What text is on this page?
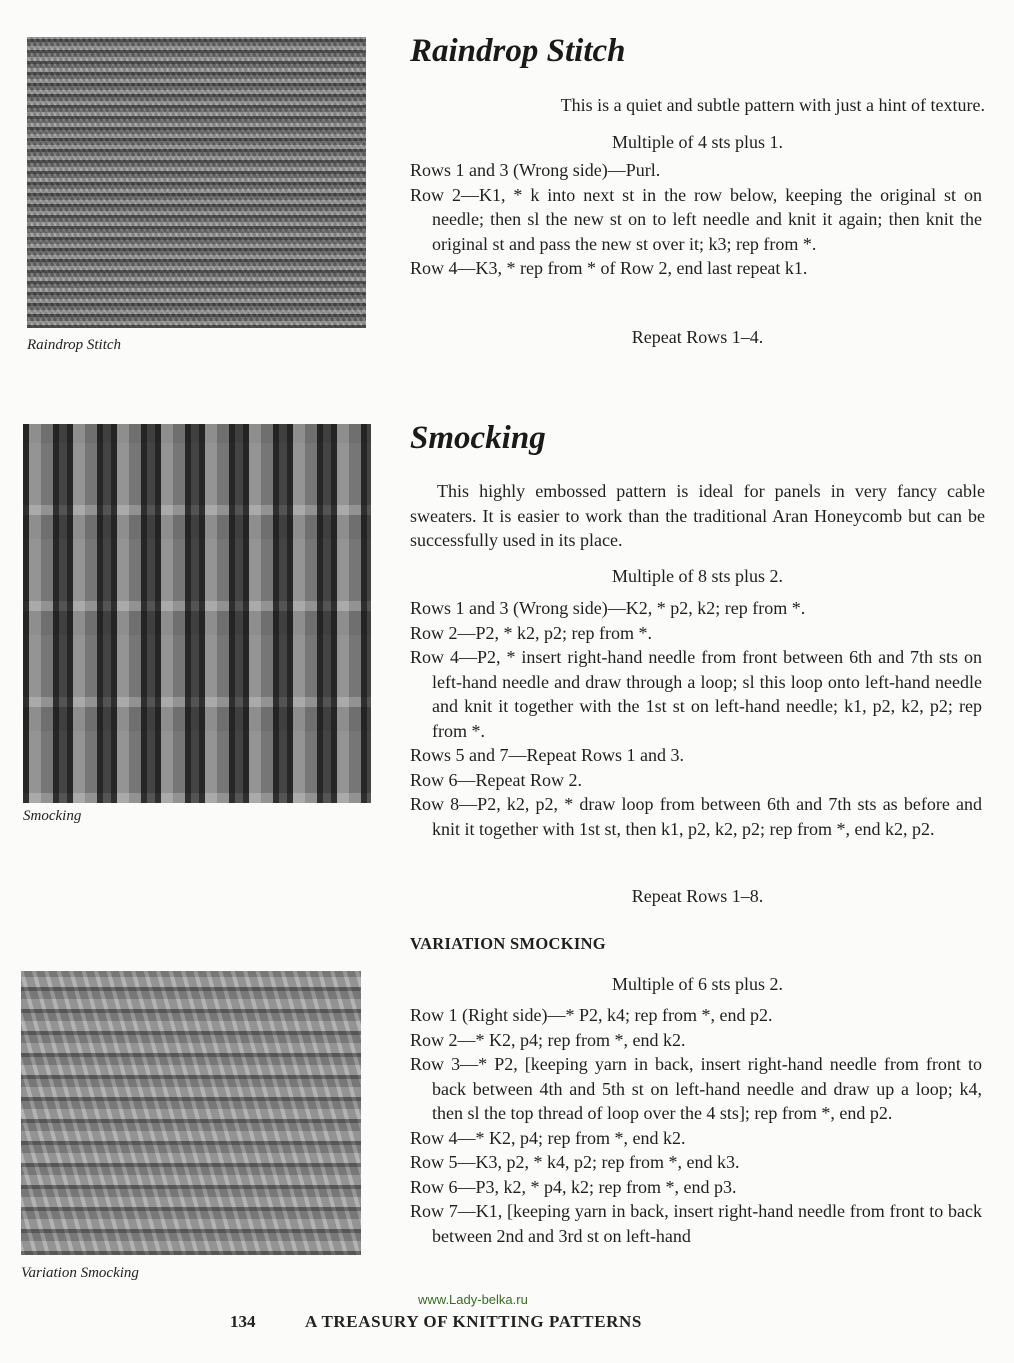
Raindrop Stitch
Raindrop Stitch

This is a quiet and subtle pattern with just a hint of texture.

Multiple of 4 sts plus 1.

Rows 1 and 3 (Wrong side)—Purl.
Row 2—K1, * k into next st in the row below, keeping the original st on needle; then sl the new st on to left needle and knit it again; then knit the original st and pass the new st over it; k3; rep from *.
Row 4—K3, * rep from * of Row 2, end last repeat k1.

Repeat Rows 1–4.

Smocking
Smocking

This highly embossed pattern is ideal for panels in very fancy cable sweaters. It is easier to work than the traditional Aran Honeycomb but can be successfully used in its place.

Multiple of 8 sts plus 2.

Rows 1 and 3 (Wrong side)—K2, * p2, k2; rep from *.
Row 2—P2, * k2, p2; rep from *.
Row 4—P2, * insert right-hand needle from front between 6th and 7th sts on left-hand needle and draw through a loop; sl this loop onto left-hand needle and knit it together with the 1st st on left-hand needle; k1, p2, k2, p2; rep from *.
Rows 5 and 7—Repeat Rows 1 and 3.
Row 6—Repeat Row 2.
Row 8—P2, k2, p2, * draw loop from between 6th and 7th sts as before and knit it together with 1st st, then k1, p2, k2, p2; rep from *, end k2, p2.

Repeat Rows 1–8.

Variation Smocking
VARIATION SMOCKING

Multiple of 6 sts plus 2.

Row 1 (Right side)—* P2, k4; rep from *, end p2.
Row 2—* K2, p4; rep from *, end k2.
Row 3—* P2, [keeping yarn in back, insert right-hand needle from front to back between 4th and 5th st on left-hand needle and draw up a loop; k4, then sl the top thread of loop over the 4 sts]; rep from *, end p2.
Row 4—* K2, p4; rep from *, end k2.
Row 5—K3, p2, * k4, p2; rep from *, end k3.
Row 6—P3, k2, * p4, k2; rep from *, end p3.
Row 7—K1, [keeping yarn in back, insert right-hand needle from front to back between 2nd and 3rd st on left-hand
www.Lady-belka.ru
134	A TREASURY OF KNITTING PATTERNS
